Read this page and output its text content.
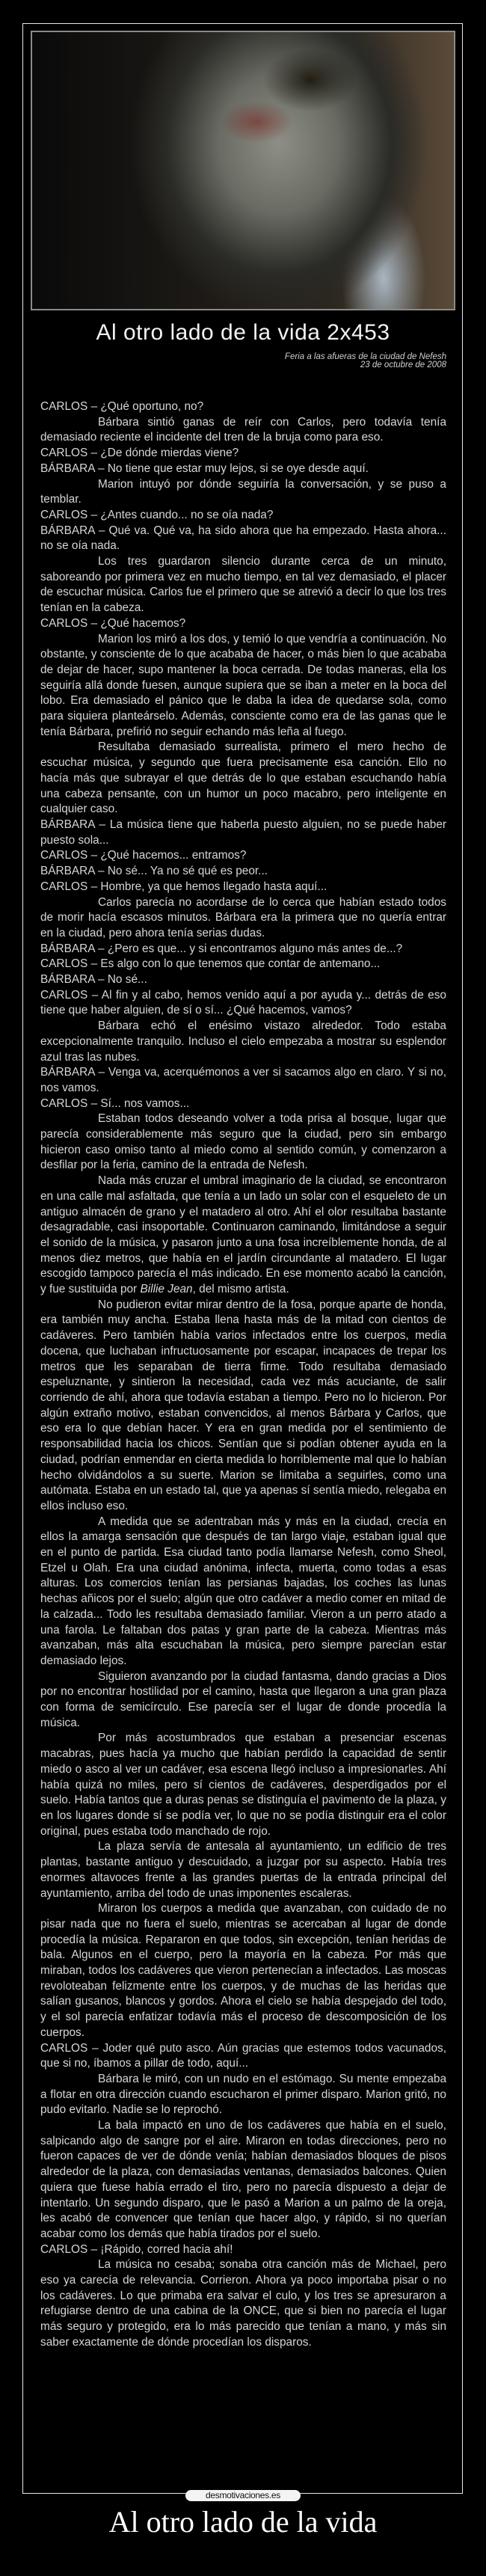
Al otro lado de la vida 2x453
Feria a las afueras de la ciudad de Nefesh
23 de octubre de 2008

CARLOS – ¿Qué oportuno, no?

Bárbara sintió ganas de reír con Carlos, pero todavía tenía demasiado reciente el incidente del tren de la bruja como para eso.

CARLOS – ¿De dónde mierdas viene?

BÁRBARA – No tiene que estar muy lejos, si se oye desde aquí.

Marion intuyó por dónde seguiría la conversación, y se puso a temblar.

CARLOS – ¿Antes cuando... no se oía nada?

BÁRBARA – Qué va. Qué va, ha sido ahora que ha empezado. Hasta ahora... no se oía nada.

Los tres guardaron silencio durante cerca de un minuto, saboreando por primera vez en mucho tiempo, en tal vez demasiado, el placer de escuchar música. Carlos fue el primero que se atrevió a decir lo que los tres tenían en la cabeza.

CARLOS – ¿Qué hacemos?

Marion los miró a los dos, y temió lo que vendría a continuación. No obstante, y consciente de lo que acababa de hacer, o más bien lo que acababa de dejar de hacer, supo mantener la boca cerrada. De todas maneras, ella los seguiría allá donde fuesen, aunque supiera que se iban a meter en la boca del lobo. Era demasiado el pánico que le daba la idea de quedarse sola, como para siquiera planteárselo. Además, consciente como era de las ganas que le tenía Bárbara, prefirió no seguir echando más leña al fuego.

Resultaba demasiado surrealista, primero el mero hecho de escuchar música, y segundo que fuera precisamente esa canción. Ello no hacía más que subrayar el que detrás de lo que estaban escuchando había una cabeza pensante, con un humor un poco macabro, pero inteligente en cualquier caso.

BÁRBARA – La música tiene que haberla puesto alguien, no se puede haber puesto sola...

CARLOS – ¿Qué hacemos... entramos?

BÁRBARA – No sé... Ya no sé qué es peor...

CARLOS – Hombre, ya que hemos llegado hasta aquí...

Carlos parecía no acordarse de lo cerca que habían estado todos de morir hacía escasos minutos. Bárbara era la primera que no quería entrar en la ciudad, pero ahora tenía serias dudas.

BÁRBARA – ¿Pero es que... y si encontramos alguno más antes de...?

CARLOS – Es algo con lo que tenemos que contar de antemano...

BÁRBARA – No sé...

CARLOS – Al fin y al cabo, hemos venido aquí a por ayuda y... detrás de eso tiene que haber alguien, de sí o sí... ¿Qué hacemos, vamos?

Bárbara echó el enésimo vistazo alrededor. Todo estaba excepcionalmente tranquilo. Incluso el cielo empezaba a mostrar su esplendor azul tras las nubes.

BÁRBARA – Venga va, acerquémonos a ver si sacamos algo en claro. Y si no, nos vamos.

CARLOS – Sí... nos vamos...

Estaban todos deseando volver a toda prisa al bosque, lugar que parecía considerablemente más seguro que la ciudad, pero sin embargo hicieron caso omiso tanto al miedo como al sentido común, y comenzaron a desfilar por la feria, camino de la entrada de Nefesh.

Nada más cruzar el umbral imaginario de la ciudad, se encontraron en una calle mal asfaltada, que tenía a un lado un solar con el esqueleto de un antiguo almacén de grano y el matadero al otro. Ahí el olor resultaba bastante desagradable, casi insoportable. Continuaron caminando, limitándose a seguir el sonido de la música, y pasaron junto a una fosa increíblemente honda, de al menos diez metros, que había en el jardín circundante al matadero. El lugar escogido tampoco parecía el más indicado. En ese momento acabó la canción, y fue sustituida por Billie Jean, del mismo artista.

No pudieron evitar mirar dentro de la fosa, porque aparte de honda, era también muy ancha. Estaba llena hasta más de la mitad con cientos de cadáveres. Pero también había varios infectados entre los cuerpos, media docena, que luchaban infructuosamente por escapar, incapaces de trepar los metros que les separaban de tierra firme. Todo resultaba demasiado espeluznante, y sintieron la necesidad, cada vez más acuciante, de salir corriendo de ahí, ahora que todavía estaban a tiempo. Pero no lo hicieron. Por algún extraño motivo, estaban convencidos, al menos Bárbara y Carlos, que eso era lo que debían hacer. Y era en gran medida por el sentimiento de responsabilidad hacia los chicos. Sentían que si podían obtener ayuda en la ciudad, podrían enmendar en cierta medida lo horriblemente mal que lo habían hecho olvidándolos a su suerte. Marion se limitaba a seguirles, como una autómata. Estaba en un estado tal, que ya apenas sí sentía miedo, relegaba en ellos incluso eso.

A medida que se adentraban más y más en la ciudad, crecía en ellos la amarga sensación que después de tan largo viaje, estaban igual que en el punto de partida. Esa ciudad tanto podía llamarse Nefesh, como Sheol, Etzel u Olah. Era una ciudad anónima, infecta, muerta, como todas a esas alturas. Los comercios tenían las persianas bajadas, los coches las lunas hechas añicos por el suelo; algún que otro cadáver a medio comer en mitad de la calzada... Todo les resultaba demasiado familiar. Vieron a un perro atado a una farola. Le faltaban dos patas y gran parte de la cabeza. Mientras más avanzaban, más alta escuchaban la música, pero siempre parecían estar demasiado lejos.

Siguieron avanzando por la ciudad fantasma, dando gracias a Dios por no encontrar hostilidad por el camino, hasta que llegaron a una gran plaza con forma de semicírculo. Ese parecía ser el lugar de donde procedía la música.

Por más acostumbrados que estaban a presenciar escenas macabras, pues hacía ya mucho que habían perdido la capacidad de sentir miedo o asco al ver un cadáver, esa escena llegó incluso a impresionarles. Ahí había quizá no miles, pero sí cientos de cadáveres, desperdigados por el suelo. Había tantos que a duras penas se distinguía el pavimento de la plaza, y en los lugares donde sí se podía ver, lo que no se podía distinguir era el color original, pues estaba todo manchado de rojo.

La plaza servía de antesala al ayuntamiento, un edificio de tres plantas, bastante antiguo y descuidado, a juzgar por su aspecto. Había tres enormes altavoces frente a las grandes puertas de la entrada principal del ayuntamiento, arriba del todo de unas imponentes escaleras.

Miraron los cuerpos a medida que avanzaban, con cuidado de no pisar nada que no fuera el suelo, mientras se acercaban al lugar de donde procedía la música. Repararon en que todos, sin excepción, tenían heridas de bala. Algunos en el cuerpo, pero la mayoría en la cabeza. Por más que miraban, todos los cadáveres que vieron pertenecían a infectados. Las moscas revoloteaban felizmente entre los cuerpos, y de muchas de las heridas que salían gusanos, blancos y gordos. Ahora el cielo se había despejado del todo, y el sol parecía enfatizar todavía más el proceso de descomposición de los cuerpos.

CARLOS – Joder qué puto asco. Aún gracias que estemos todos vacunados, que si no, íbamos a pillar de todo, aquí...

Bárbara le miró, con un nudo en el estómago. Su mente empezaba a flotar en otra dirección cuando escucharon el primer disparo. Marion gritó, no pudo evitarlo. Nadie se lo reprochó.

La bala impactó en uno de los cadáveres que había en el suelo, salpicando algo de sangre por el aire. Miraron en todas direcciones, pero no fueron capaces de ver de dónde venía; habían demasiados bloques de pisos alrededor de la plaza, con demasiadas ventanas, demasiados balcones. Quien quiera que fuese había errado el tiro, pero no parecía dispuesto a dejar de intentarlo. Un segundo disparo, que le pasó a Marion a un palmo de la oreja, les acabó de convencer que tenían que hacer algo, y rápido, si no querían acabar como los demás que había tirados por el suelo.

CARLOS – ¡Rápido, corred hacia ahí!

La música no cesaba; sonaba otra canción más de Michael, pero eso ya carecía de relevancia. Corrieron. Ahora ya poco importaba pisar o no los cadáveres. Lo que primaba era salvar el culo, y los tres se apresuraron a refugiarse dentro de una cabina de la ONCE, que si bien no parecía el lugar más seguro y protegido, era lo más parecido que tenían a mano, y más sin saber exactamente de dónde procedían los disparos.

desmotivaciones.es
Al otro lado de la vida
